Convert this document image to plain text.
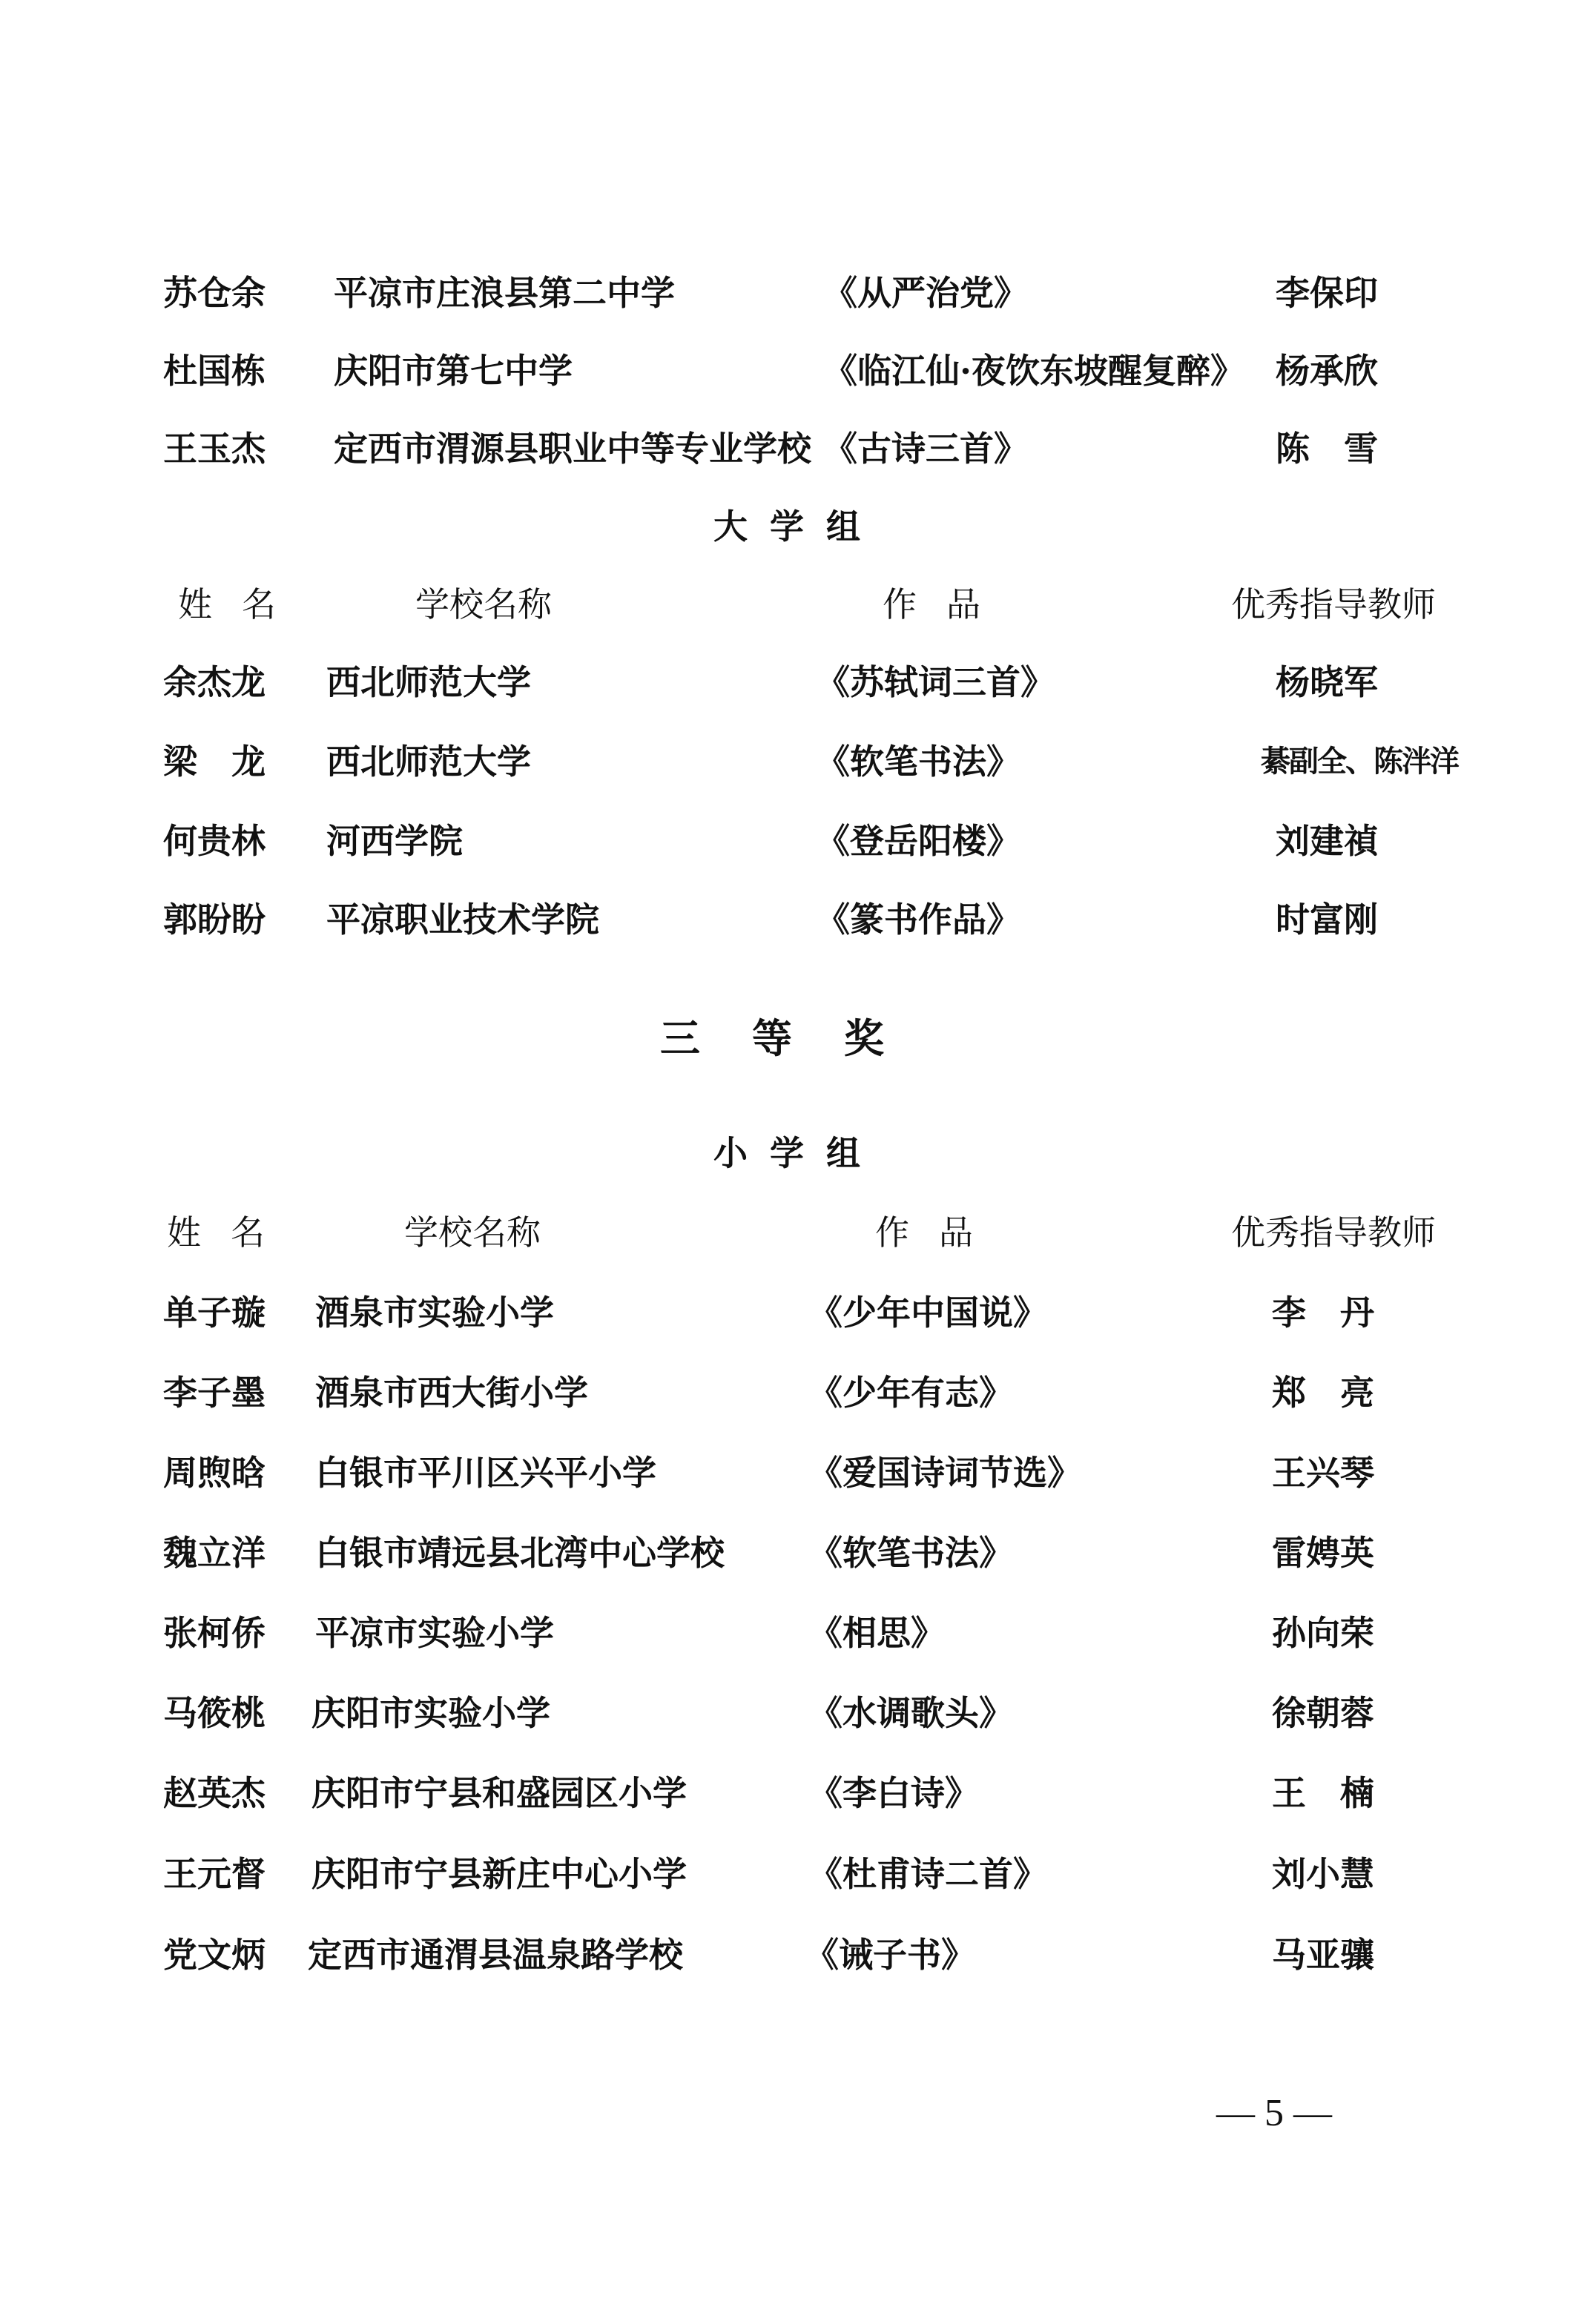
苏仓余 平凉市庄浪县第二中学	《从严治党》	李保印
杜国栋 庆阳市第七中学	《临江仙·夜饮东坡醒复醉》 杨承欣
王玉杰 定西市渭源县职业中等专业学校 《古诗三首》	陈　雪
大学组
姓名	学校名称	作品	优秀指导教师
余杰龙 西北师范大学	《苏轼词三首》	杨晓军
梁　龙 西北师范大学	《软笔书法》	綦副全、陈泮洋
何贵林 河西学院	《登岳阳楼》	刘建禎
郭盼盼 平凉职业技术学院	《篆书作品》	时富刚
三等奖
小学组
姓名	学校名称	作品	优秀指导教师
单子璇 酒泉市实验小学	《少年中国说》	李　丹
李子墨 酒泉市西大街小学	《少年有志》	郑　亮
周煦晗 白银市平川区兴平小学	《爱国诗词节选》	王兴琴
魏立洋 白银市靖远县北湾中心学校 《软笔书法》	雷娉英
张柯侨 平凉市实验小学	《相思》	孙向荣
马筱桃 庆阳市实验小学	《水调歌头》	徐朝蓉
赵英杰 庆阳市宁县和盛园区小学	《李白诗》	王　楠
王元督 庆阳市宁县新庄中心小学	《杜甫诗二首》	刘小慧
党文炳 定西市通渭县温泉路学校	《诫子书》	马亚骧
— 5 —
